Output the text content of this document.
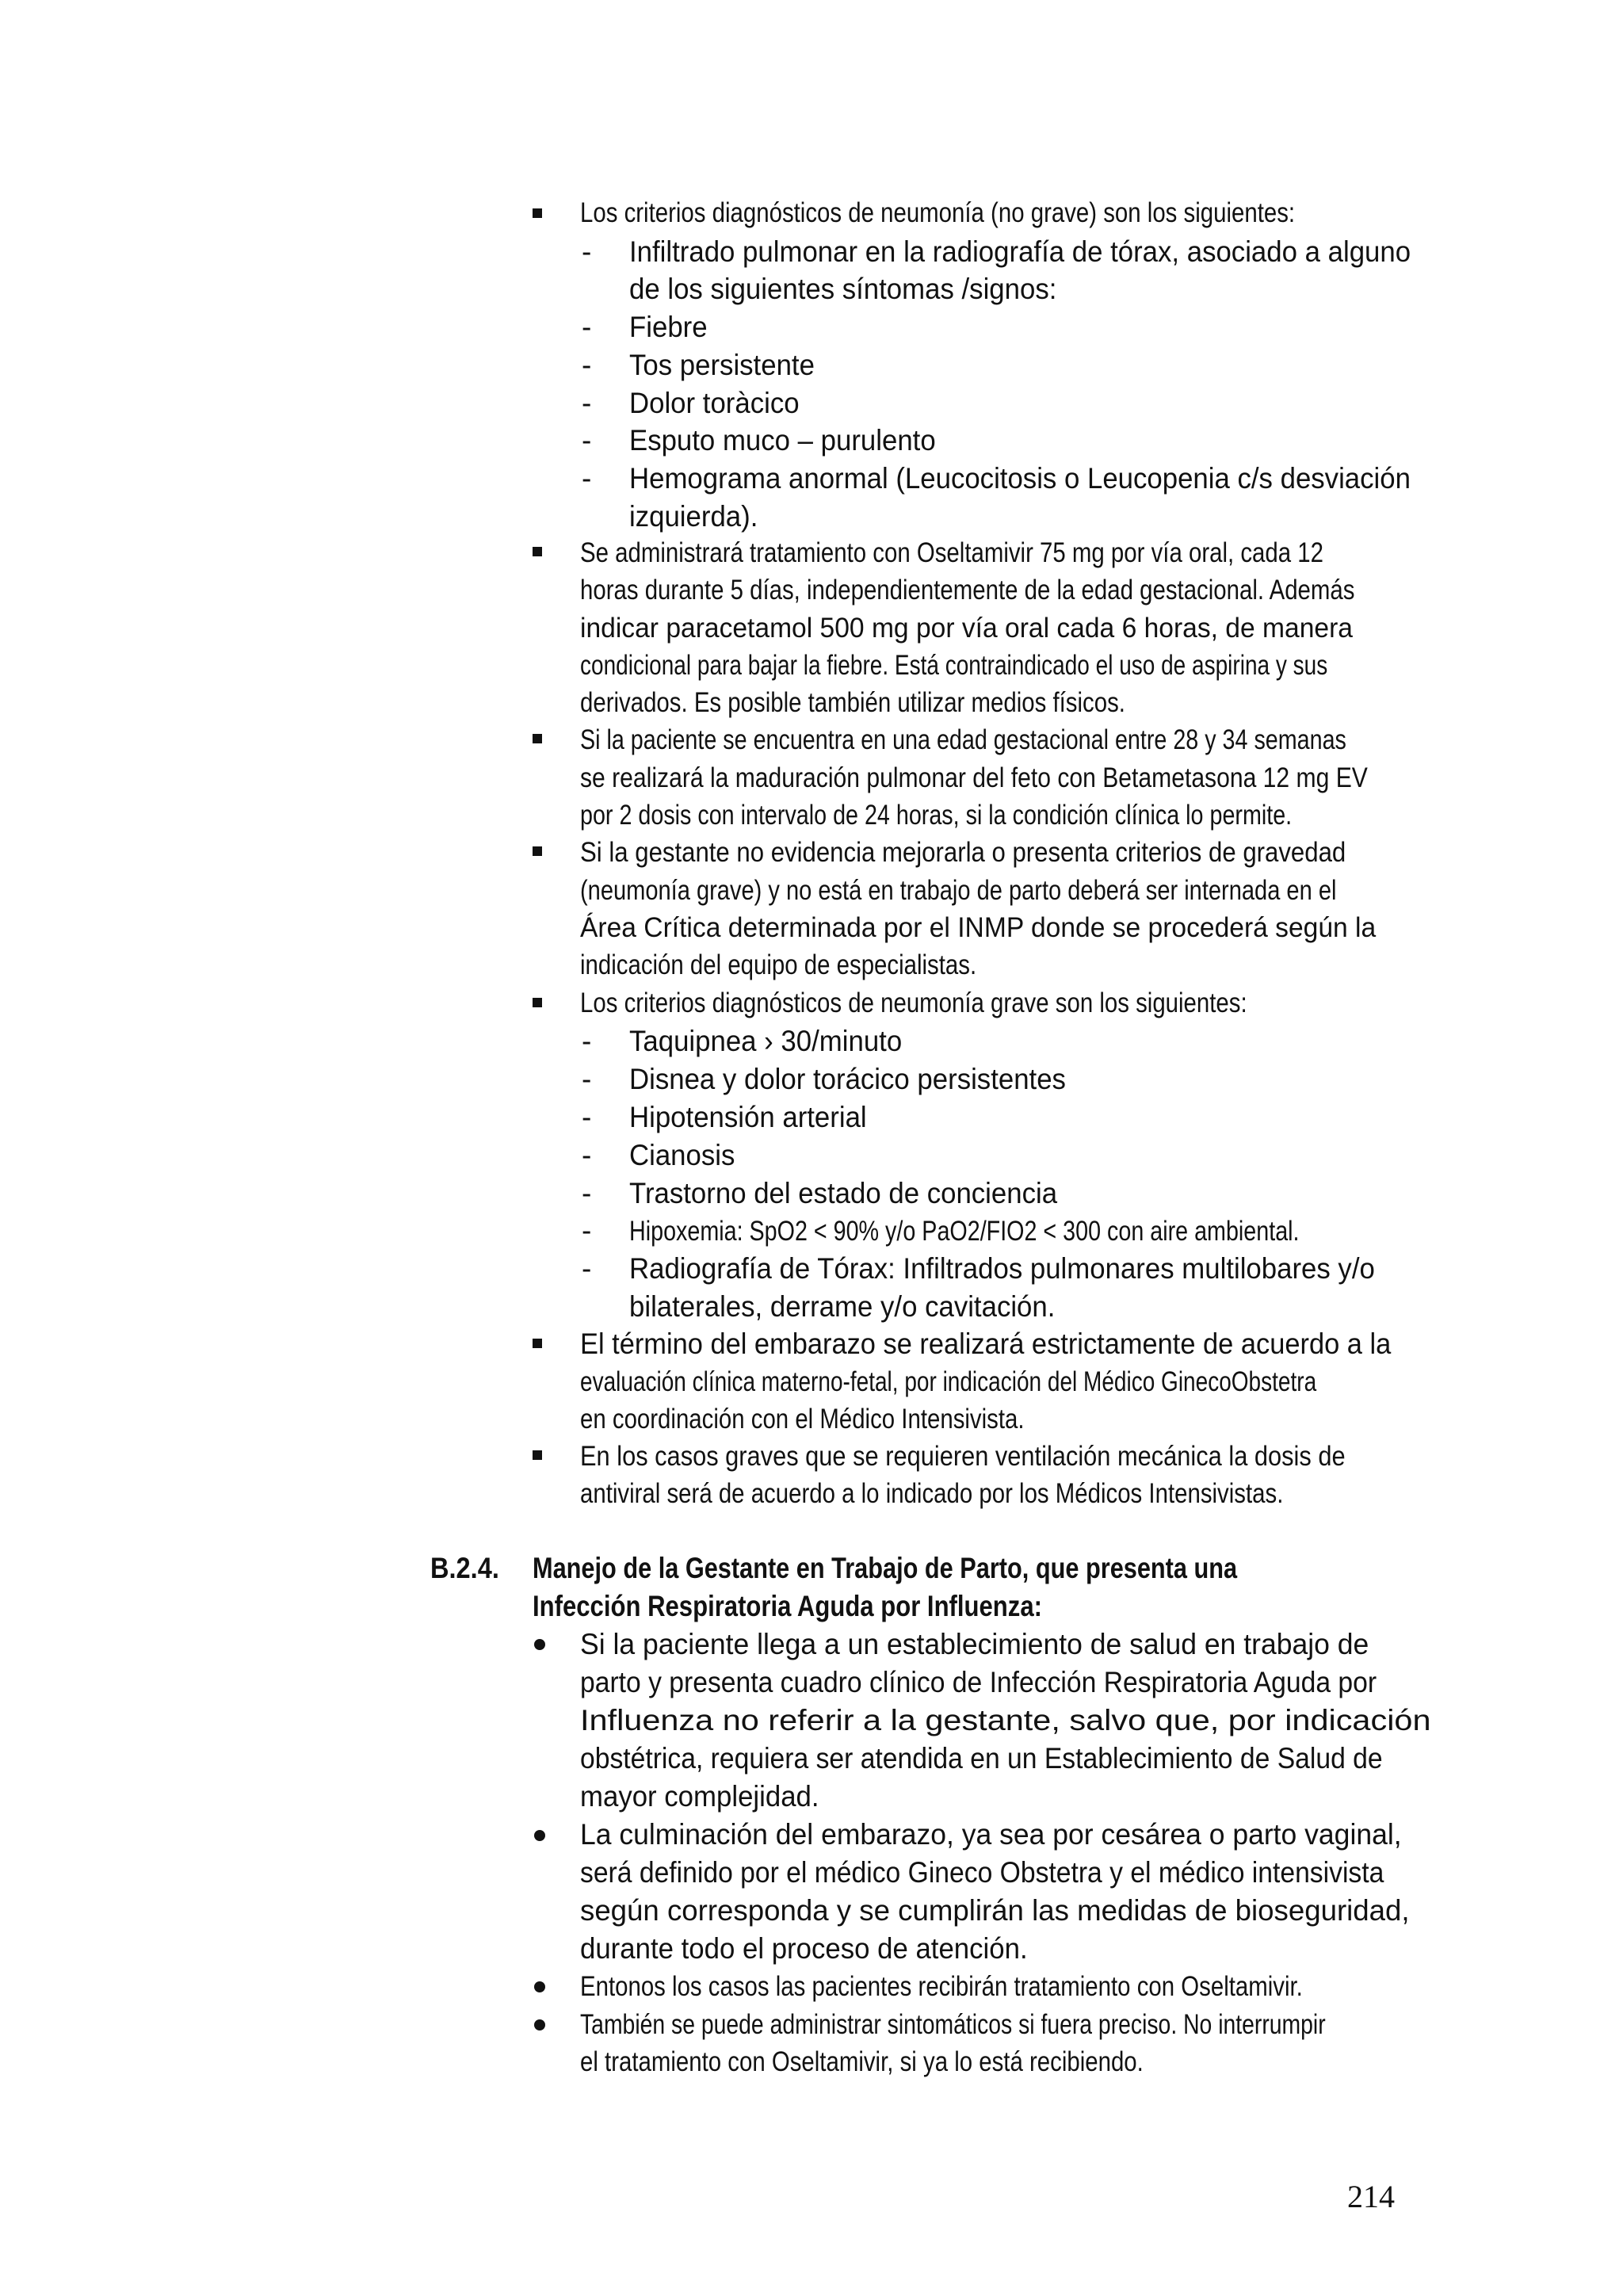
Los criterios diagnósticos de neumonía (no grave) son los siguientes:
- Infiltrado pulmonar en la radiografía de tórax, asociado a alguno
de los siguientes síntomas /signos:
- Fiebre
- Tos persistente
- Dolor toràcico
- Esputo muco – purulento
- Hemograma anormal (Leucocitosis o Leucopenia c/s desviación
izquierda).
Se administrará tratamiento con Oseltamivir 75 mg por vía oral, cada 12
horas durante 5 días, independientemente de la edad gestacional. Además
indicar paracetamol 500 mg por vía oral cada 6 horas, de manera
condicional para bajar la fiebre. Está contraindicado el uso de aspirina y sus
derivados. Es posible también utilizar medios físicos.
Si la paciente se encuentra en una edad gestacional entre 28 y 34 semanas
se realizará la maduración pulmonar del feto con Betametasona 12 mg EV
por 2 dosis con intervalo de 24 horas, si la condición clínica lo permite.
Si la gestante no evidencia mejorarla o presenta criterios de gravedad
(neumonía grave) y no está en trabajo de parto deberá ser internada en el
Área Crítica determinada por el INMP donde se procederá según la
indicación del equipo de especialistas.
Los criterios diagnósticos de neumonía grave son los siguientes:
- Taquipnea › 30/minuto
- Disnea y dolor torácico persistentes
- Hipotensión arterial
- Cianosis
- Trastorno del estado de conciencia
- Hipoxemia: SpO2 < 90% y/o PaO2/FIO2 < 300 con aire ambiental.
- Radiografía de Tórax: Infiltrados pulmonares multilobares y/o
bilaterales, derrame y/o cavitación.
El término del embarazo se realizará estrictamente de acuerdo a la
evaluación clínica materno-fetal, por indicación del Médico GinecoObstetra
en coordinación con el Médico Intensivista.
En los casos graves que se requieren ventilación mecánica la dosis de
antiviral será de acuerdo a lo indicado por los Médicos Intensivistas.
B.2.4. Manejo de la Gestante en Trabajo de Parto, que presenta una
Infección Respiratoria Aguda por Influenza:
Si la paciente llega a un establecimiento de salud en trabajo de
parto y presenta cuadro clínico de Infección Respiratoria Aguda por
Influenza no referir a la gestante, salvo que, por indicación
obstétrica, requiera ser atendida en un Establecimiento de Salud de
mayor complejidad.
La culminación del embarazo, ya sea por cesárea o parto vaginal,
será definido por el médico Gineco Obstetra y el médico intensivista
según corresponda y se cumplirán las medidas de bioseguridad,
durante todo el proceso de atención.
Entonos los casos las pacientes recibirán tratamiento con Oseltamivir.
También se puede administrar sintomáticos si fuera preciso. No interrumpir
el tratamiento con Oseltamivir, si ya lo está recibiendo.
214
